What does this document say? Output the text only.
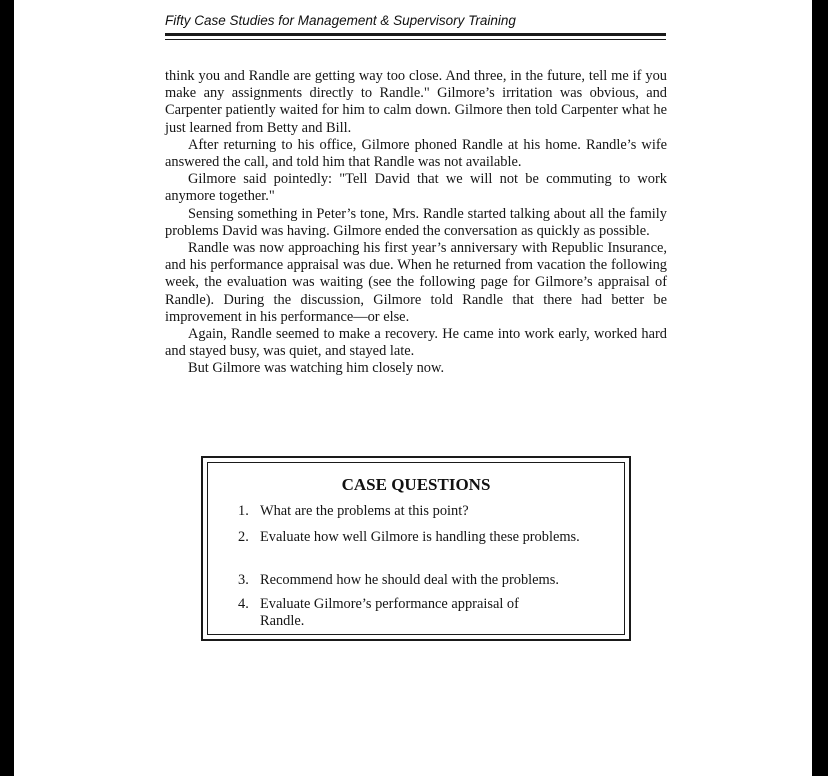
Fifty Case Studies for Management & Supervisory Training

think you and Randle are getting way too close. And three, in the future, tell me if you make any assignments directly to Randle." Gilmore’s irritation was obvious, and Carpenter patiently waited for him to calm down. Gilmore then told Carpenter what he just learned from Betty and Bill.

After returning to his office, Gilmore phoned Randle at his home. Randle’s wife answered the call, and told him that Randle was not available.

Gilmore said pointedly: "Tell David that we will not be commuting to work anymore together."

Sensing something in Peter’s tone, Mrs. Randle started talking about all the family problems David was having. Gilmore ended the conversation as quickly as possible.

Randle was now approaching his first year’s anniversary with Republic Insurance, and his performance appraisal was due. When he returned from vacation the following week, the evaluation was waiting (see the following page for Gilmore’s appraisal of Randle). During the discussion, Gilmore told Randle that there had better be improvement in his performance—or else.

Again, Randle seemed to make a recovery. He came into work early, worked hard and stayed busy, was quiet, and stayed late.

But Gilmore was watching him closely now.

CASE QUESTIONS
1. What are the problems at this point?
2. Evaluate how well Gilmore is handling these problems.
3. Recommend how he should deal with the problems.
4. Evaluate Gilmore’s performance appraisal of Randle.
